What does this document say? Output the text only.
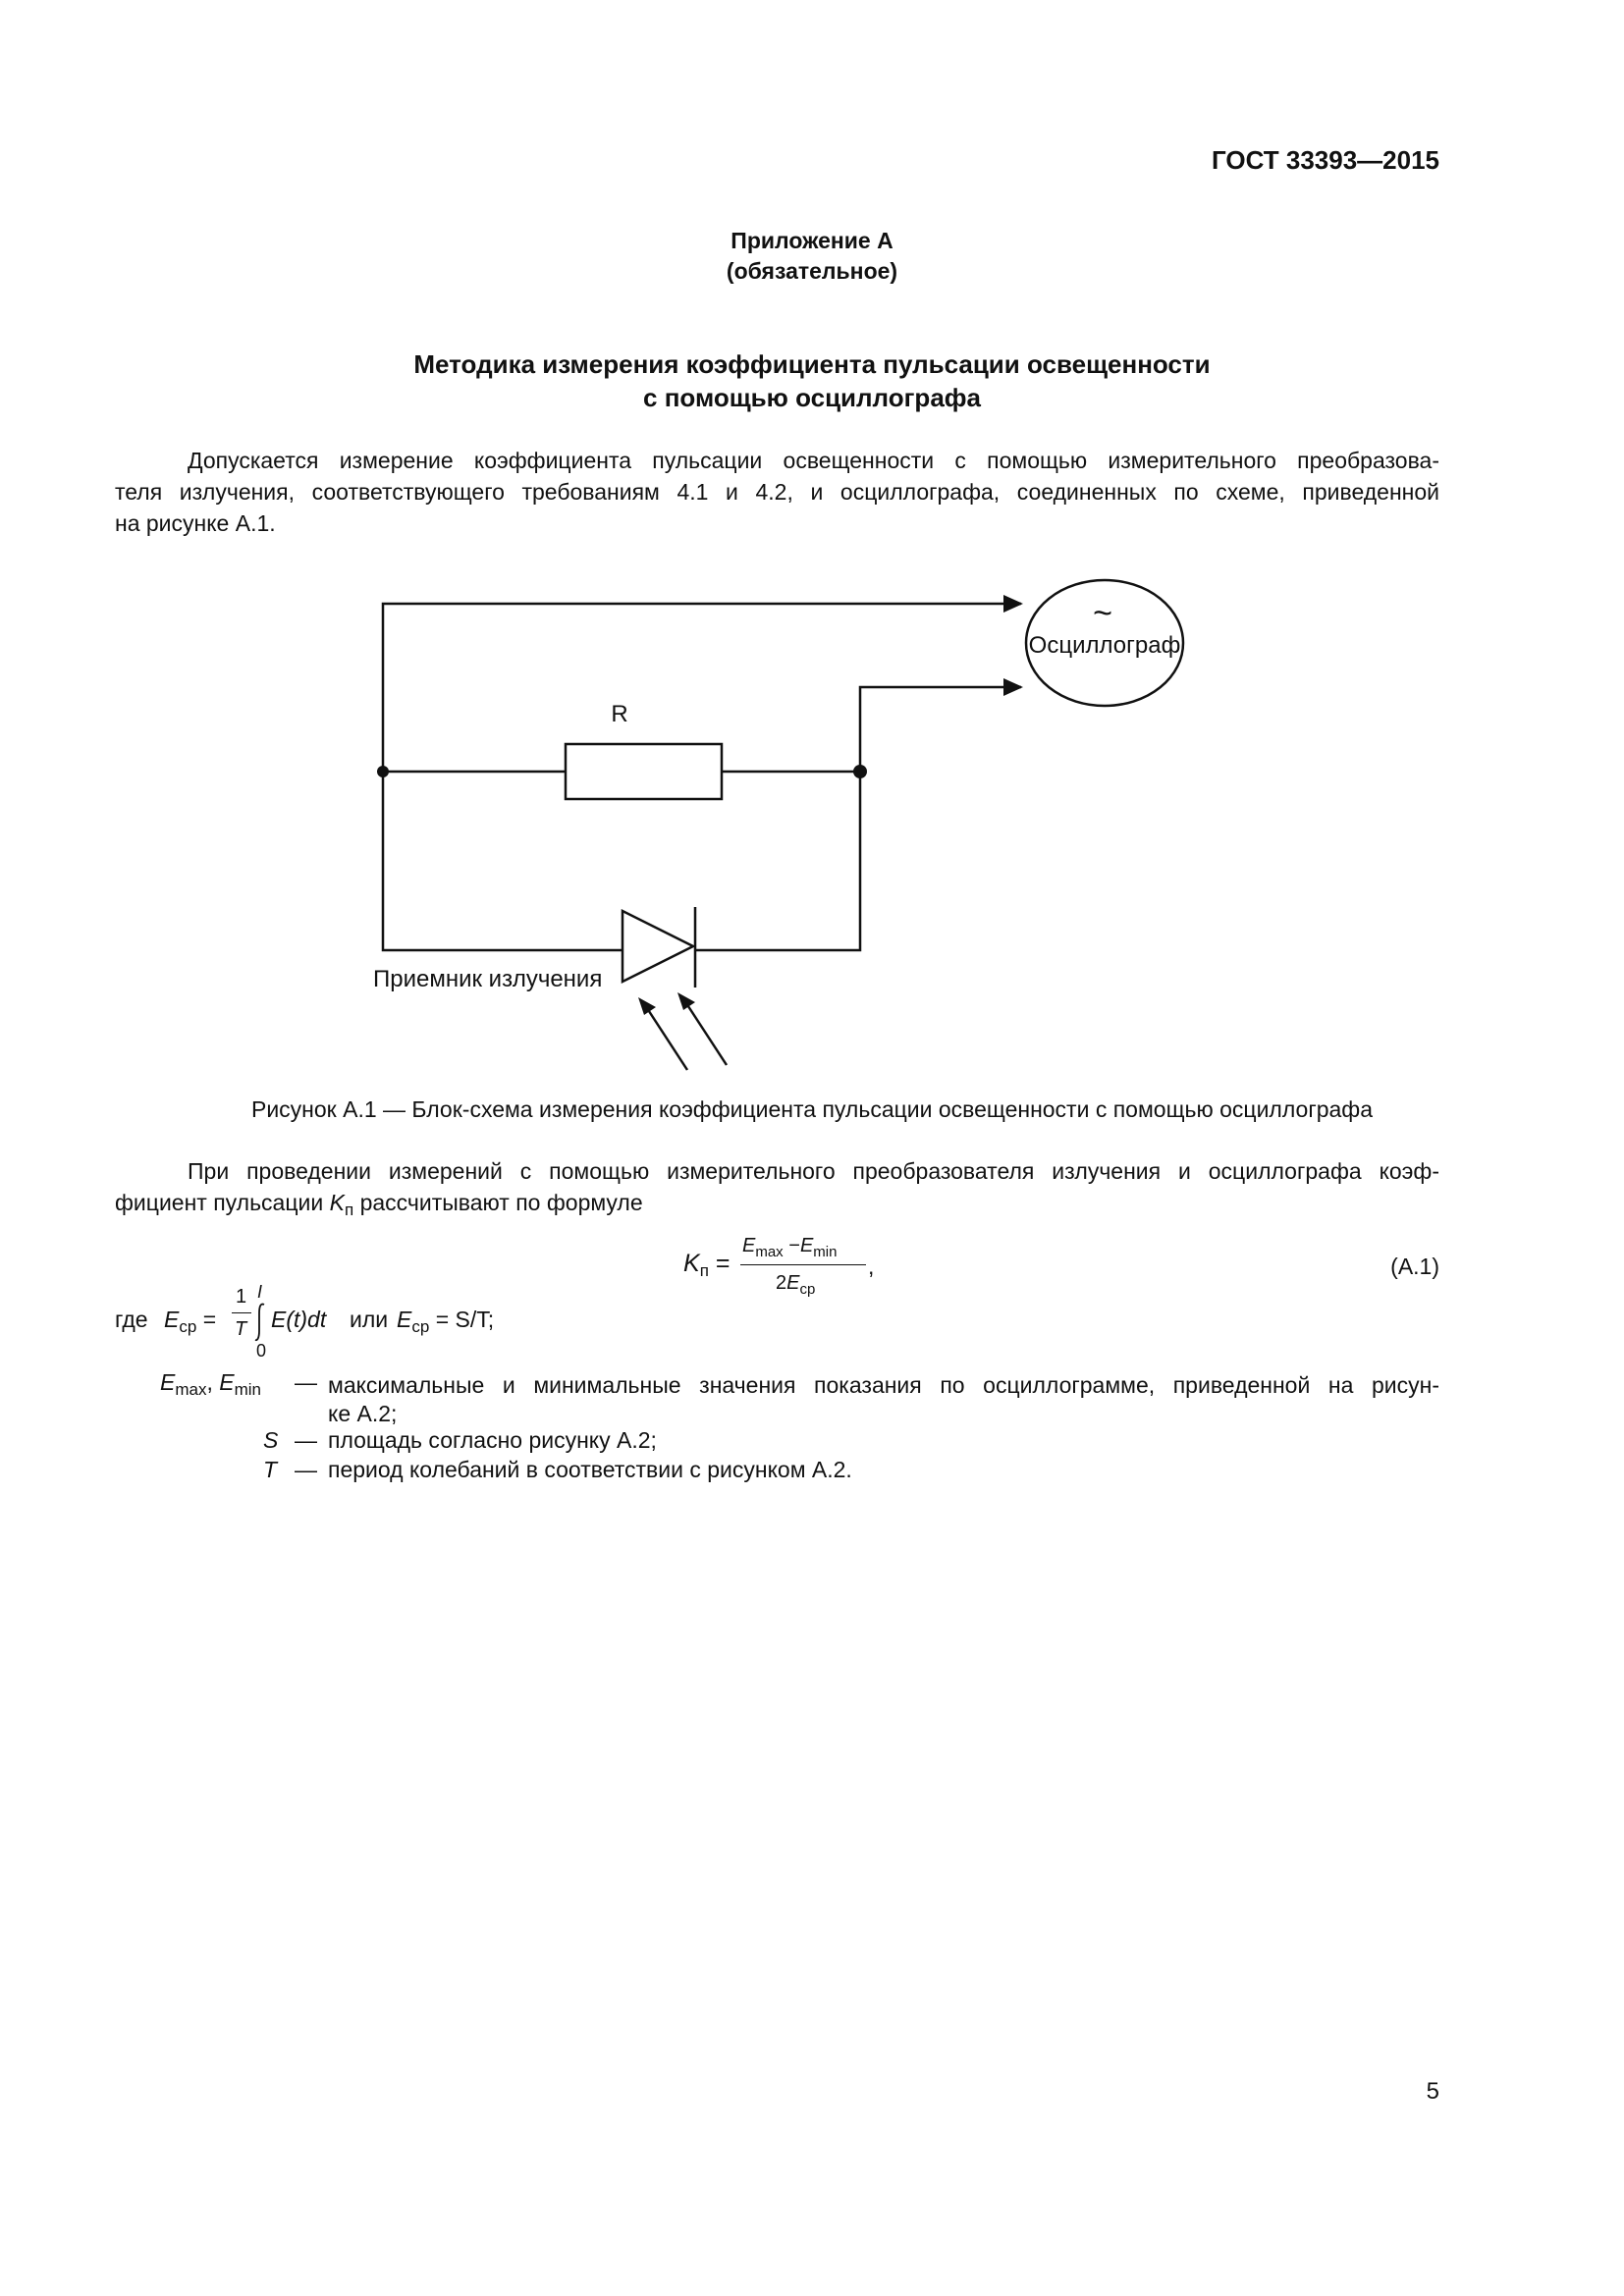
ГОСТ 33393—2015
Приложение А
(обязательное)
Методика измерения коэффициента пульсации освещенности
с помощью осциллографа
Допускается измерение коэффициента пульсации освещенности с помощью измерительного преобразова-
теля излучения, соответствующего требованиям 4.1 и 4.2, и осциллографа, соединенных по схеме, приведенной
на рисунке А.1.
~
Осциллограф
R
Приемник излучения
Рисунок А.1 — Блок-схема измерения коэффициента пульсации освещенности с помощью осциллографа
При проведении измерений с помощью измерительного преобразователя излучения и осциллографа коэф-
фициент пульсации $K_п$ рассчитывают по формуле
$K_п$ =
$E_{max} -E_{min}$
$2E_{ср}$
,	(А.1)
где $E_{ср}$ =
1
T
I
0
E(t)dt или $E_{ср} = S/T$;
$E_{max}$, $E_{min}$ — максимальные и минимальные значения показания по осциллограмме, приведенной на рисун-
ке А.2;
S — площадь согласно рисунку А.2;
T — период колебаний в соответствии с рисунком А.2.
5
